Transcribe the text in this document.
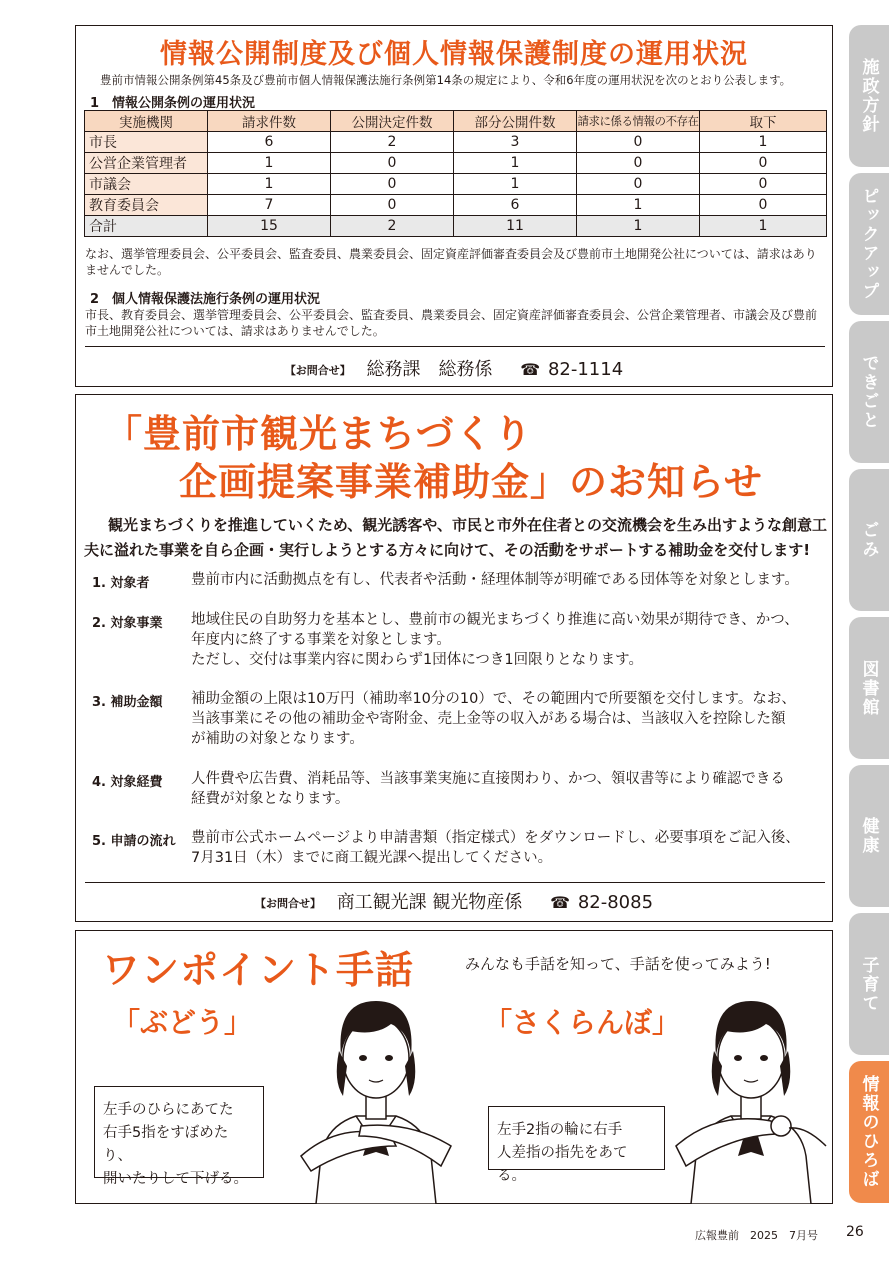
情報公開制度及び個人情報保護制度の運用状況
豊前市情報公開条例第45条及び豊前市個人情報保護法施行条例第14条の規定により、令和6年度の運用状況を次のとおり公表します。
1　情報公開条例の運用状況
実施機関	請求件数	公開決定件数	部分公開件数	請求に係る情報の不存在	取下
市長	6	2	3	0	1
公営企業管理者	1	0	1	0	0
市議会	1	0	1	0	0
教育委員会	7	0	6	1	0
合計	15	2	11	1	1
なお、選挙管理委員会、公平委員会、監査委員、農業委員会、固定資産評価審査委員会及び豊前市土地開発公社については、請求はありませんでした。
2　個人情報保護法施行条例の運用状況
市長、教育委員会、選挙管理委員会、公平委員会、監査委員、農業委員会、固定資産評価審査委員会、公営企業管理者、市議会及び豊前市土地開発公社については、請求はありませんでした。
【お問合せ】 総務課　総務係 ☎ 82-1114
「豊前市観光まちづくり
企画提案事業補助金」のお知らせ
観光まちづくりを推進していくため、観光誘客や、市民と市外在住者との交流機会を生み出すような創意工
夫に溢れた事業を自ら企画・実行しようとする方々に向けて、その活動をサポートする補助金を交付します!
1. 対象者	豊前市内に活動拠点を有し、代表者や活動・経理体制等が明確である団体等を対象とします。
2. 対象事業 地域住民の自助努力を基本とし、豊前市の観光まちづくり推進に高い効果が期待でき、かつ、
年度内に終了する事業を対象とします。
ただし、交付は事業内容に関わらず1団体につき1回限りとなります。
3. 補助金額 補助金額の上限は10万円（補助率10分の10）で、その範囲内で所要額を交付します。なお、
当該事業にその他の補助金や寄附金、売上金等の収入がある場合は、当該収入を控除した額
が補助の対象となります。
4. 対象経費 人件費や広告費、消耗品等、当該事業実施に直接関わり、かつ、領収書等により確認できる
経費が対象となります。
5. 申請の流れ 豊前市公式ホームページより申請書類（指定様式）をダウンロードし、必要事項をご記入後、
7月31日（木）までに商工観光課へ提出してください。
【お問合せ】 商工観光課 観光物産係 ☎ 82-8085
ワンポイント手話	みんなも手話を知って、手話を使ってみよう!
「ぶどう」	「さくらんぼ」
左手のひらにあてた
右手5指をすぼめたり、
開いたりして下げる。
左手2指の輪に右手
人差指の指先をあてる。
施政方針
ピックアップ
できごと
ごみ
図書館
健康
子育て
情報のひろば
広報豊前　2025　7月号 26
